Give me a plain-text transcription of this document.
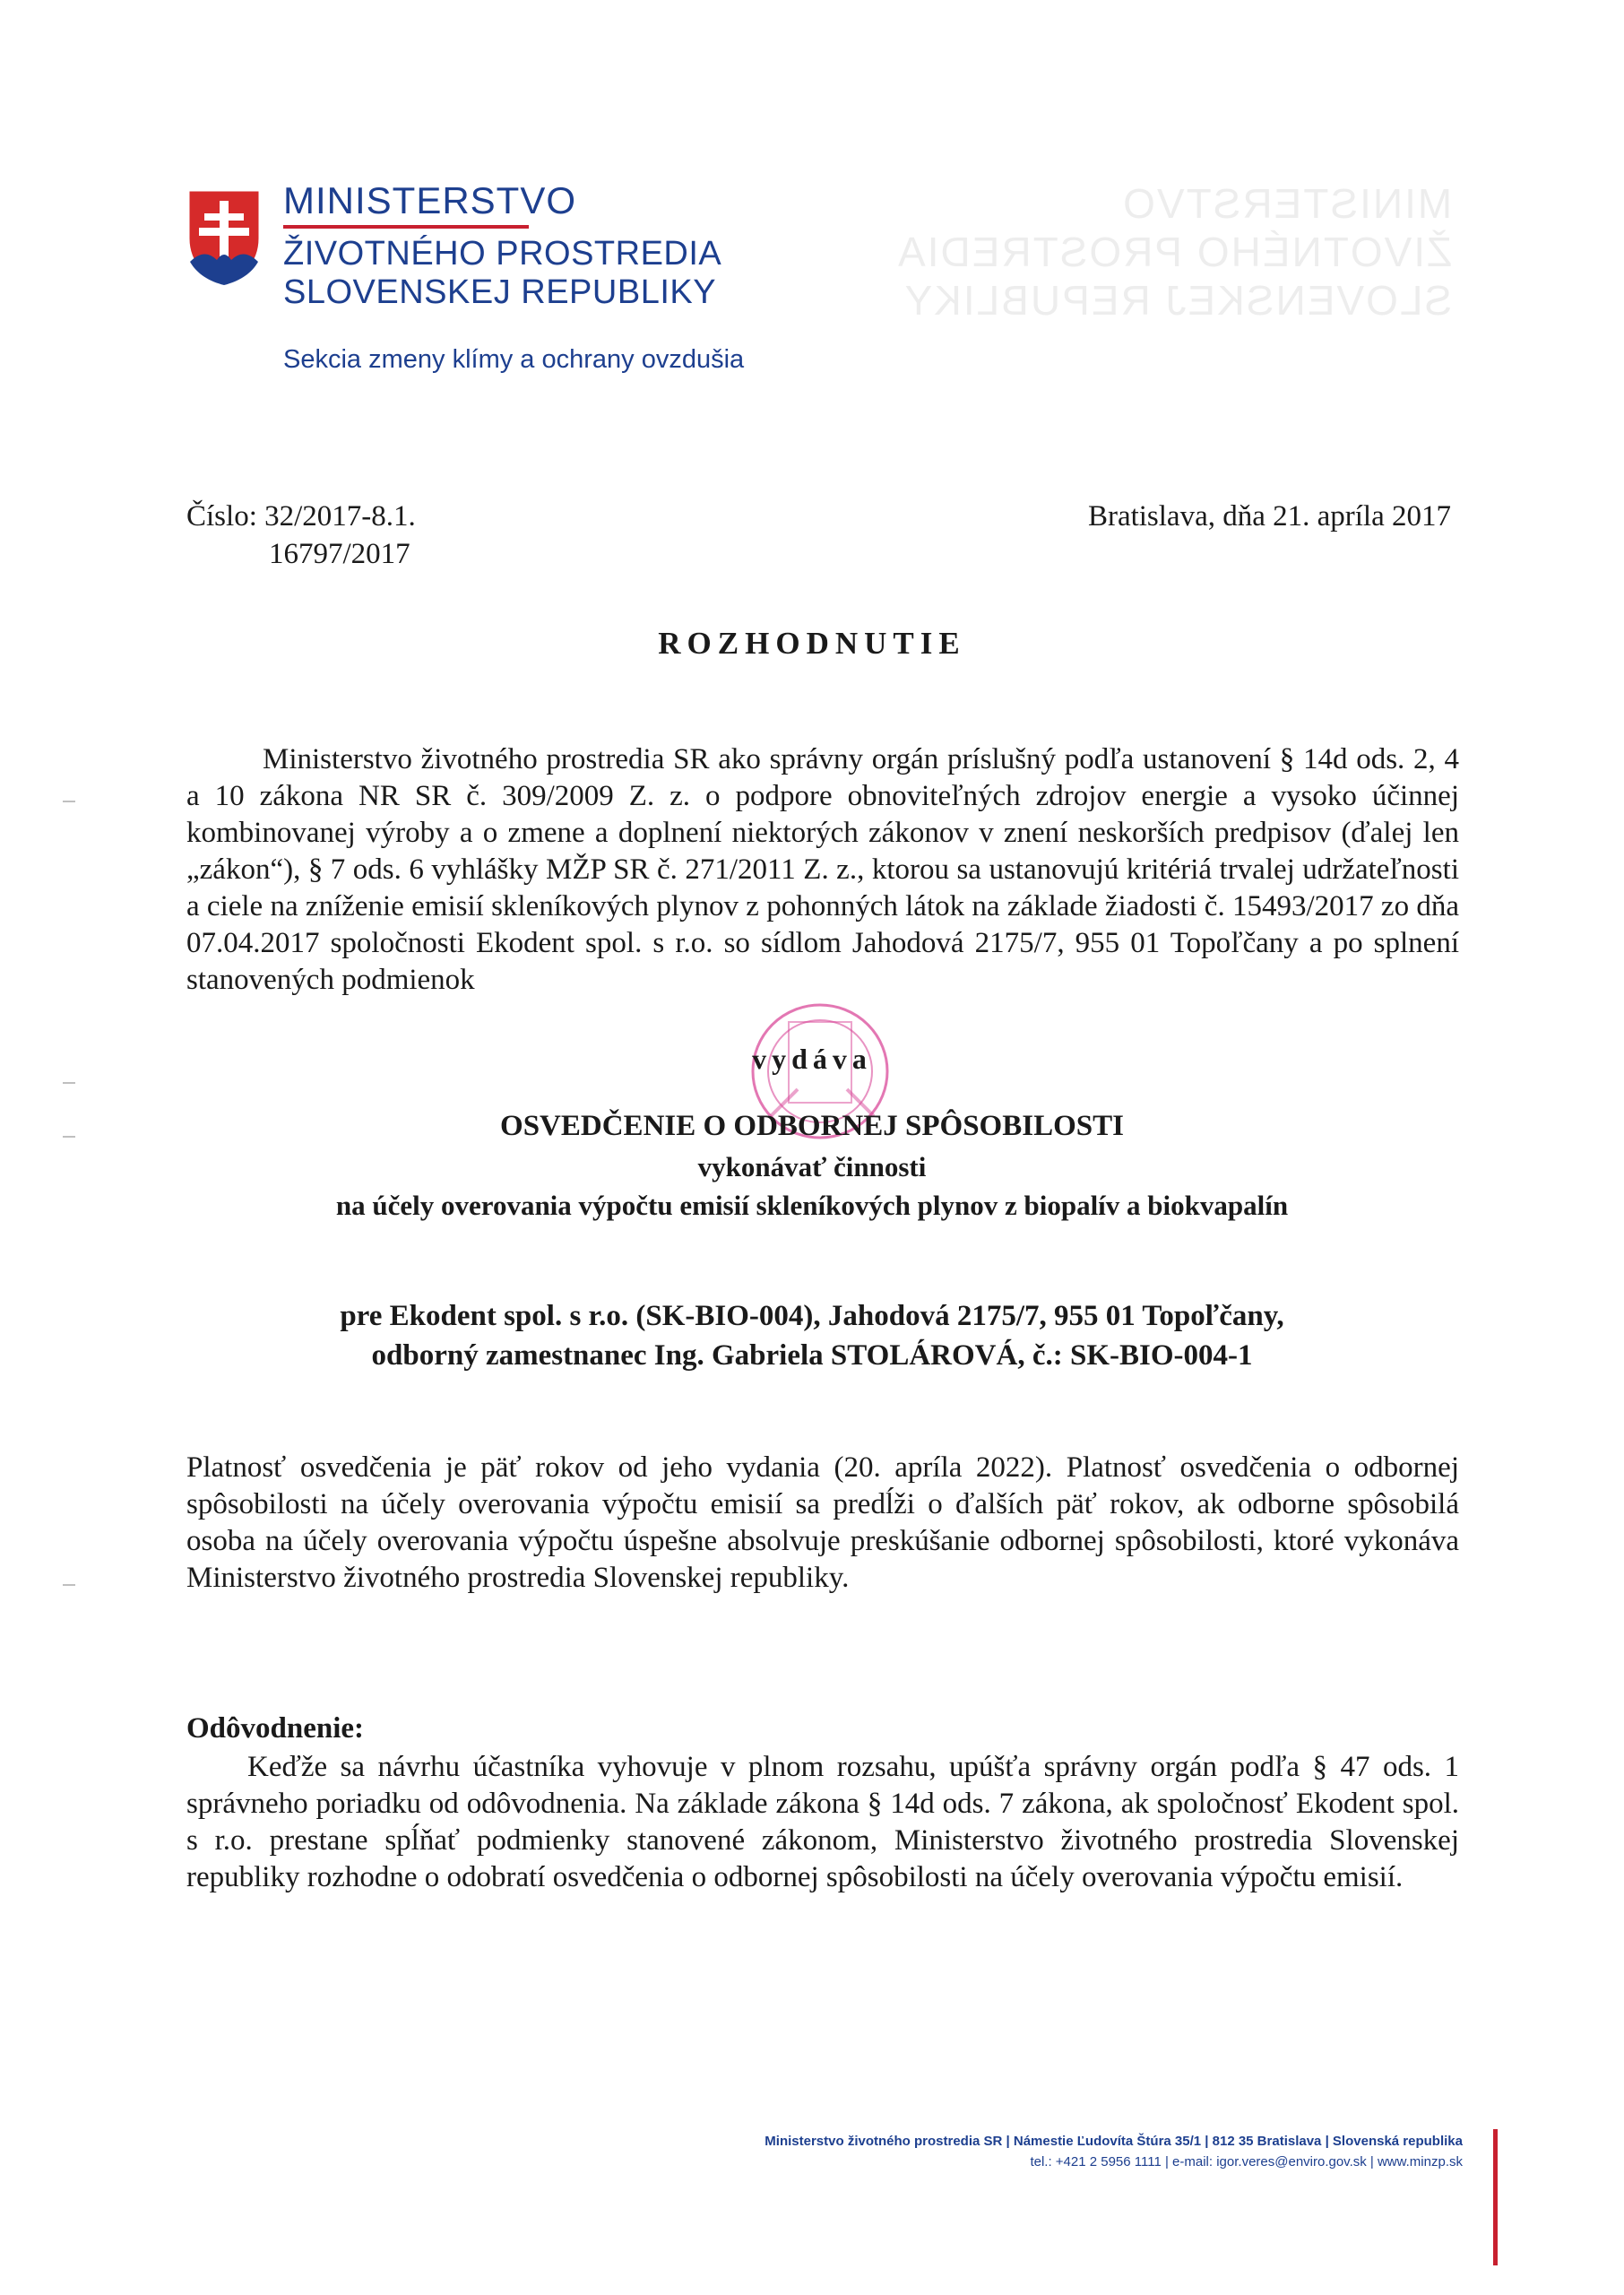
MINISTERSTVO
ŽIVOTNÉHO PROSTREDIA
SLOVENSKEJ REPUBLIKY
MINISTERSTVO
ŽIVOTNÉHO PROSTREDIA
SLOVENSKEJ REPUBLIKY
Sekcia zmeny klímy a ochrany ovzdušia
Číslo: 32/2017-8.1.
16797/2017
Bratislava, dňa 21. apríla 2017
ROZHODNUTIE
Ministerstvo životného prostredia SR ako správny orgán príslušný podľa ustanovení § 14d ods. 2, 4 a 10 zákona NR SR č. 309/2009 Z. z. o podpore obnoviteľných zdrojov energie a vysoko účinnej kombinovanej výroby a o zmene a doplnení niektorých zákonov v znení neskorších predpisov (ďalej len „zákon“), § 7 ods. 6 vyhlášky MŽP SR č. 271/2011 Z. z., ktorou sa ustanovujú kritériá trvalej udržateľnosti a ciele na zníženie emisií skleníkových plynov z pohonných látok na základe žiadosti č. 15493/2017 zo dňa 07.04.2017 spoločnosti Ekodent spol. s r.o. so sídlom Jahodová 2175/7, 955 01 Topoľčany a po splnení stanovených podmienok
vydáva
OSVEDČENIE O ODBORNEJ SPÔSOBILOSTI
vykonávať činnosti
na účely overovania výpočtu emisií skleníkových plynov z biopalív a biokvapalín
pre Ekodent spol. s r.o. (SK-BIO-004), Jahodová 2175/7, 955 01 Topoľčany,
odborný zamestnanec Ing. Gabriela STOLÁROVÁ, č.: SK-BIO-004-1
Platnosť osvedčenia je päť rokov od jeho vydania (20. apríla 2022). Platnosť osvedčenia o odbornej spôsobilosti na účely overovania výpočtu emisií sa predĺži o ďalších päť rokov, ak odborne spôsobilá osoba na účely overovania výpočtu úspešne absolvuje preskúšanie odbornej spôsobilosti, ktoré vykonáva Ministerstvo životného prostredia Slovenskej republiky.
Odôvodnenie:
Keďže sa návrhu účastníka vyhovuje v plnom rozsahu, upúšťa správny orgán podľa § 47 ods. 1 správneho poriadku od odôvodnenia. Na základe zákona § 14d ods. 7 zákona, ak spoločnosť Ekodent spol. s r.o. prestane spĺňať podmienky stanovené zákonom, Ministerstvo životného prostredia Slovenskej republiky rozhodne o odobratí osvedčenia o odbornej spôsobilosti na účely overovania výpočtu emisií.
Ministerstvo životného prostredia SR | Námestie Ľudovíta Štúra 35/1 | 812 35 Bratislava | Slovenská republika
tel.: +421 2 5956 1111 | e-mail: igor.veres@enviro.gov.sk | www.minzp.sk
